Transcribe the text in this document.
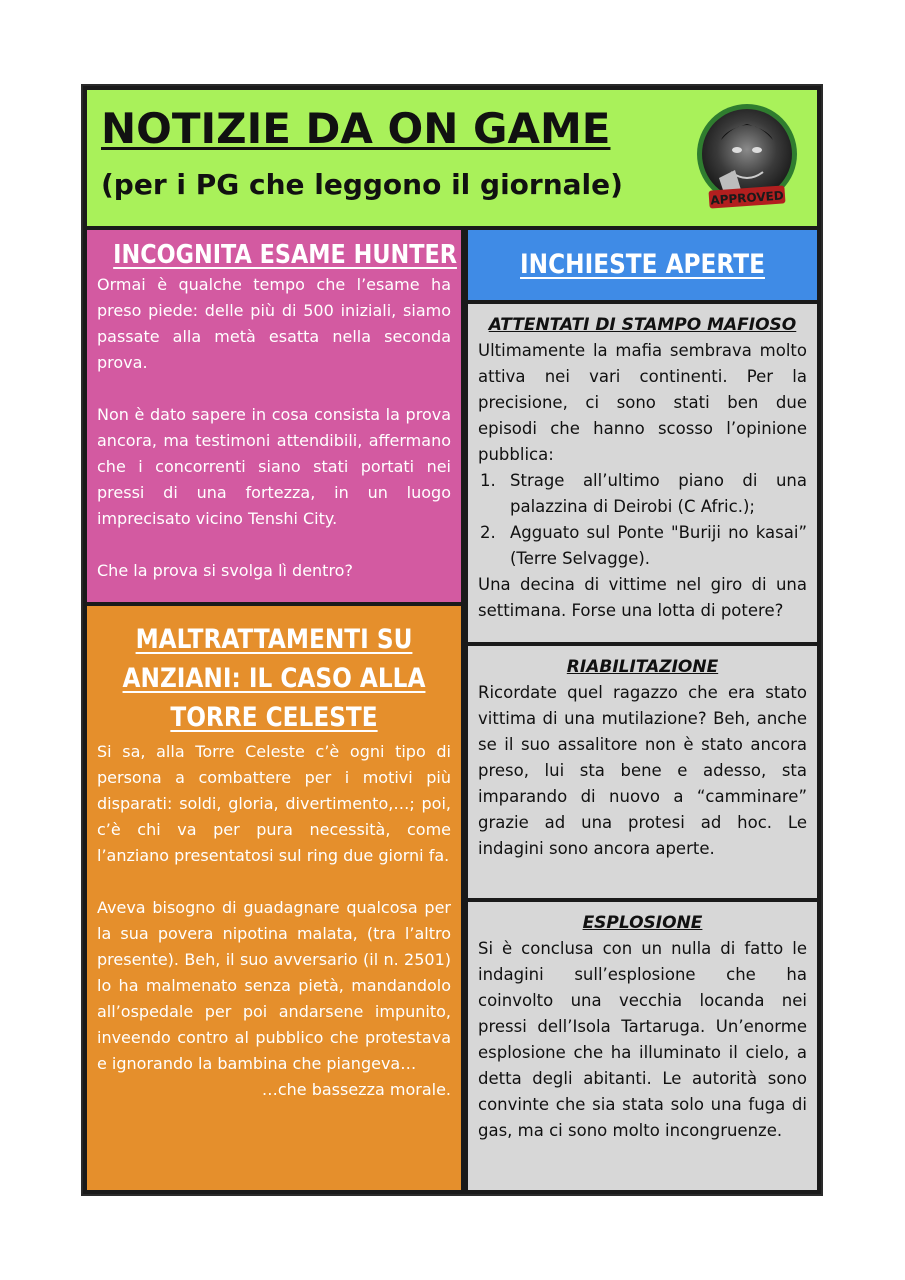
NOTIZIE DA ON GAME

(per i PG che leggono il giornale)	APPROVED
INCOGNITA ESAME HUNTER

Ormai è qualche tempo che l’esame ha preso piede: delle più di 500 iniziali, siamo passate alla metà esatta nella seconda prova.

Non è dato sapere in cosa consista la prova ancora, ma testimoni attendibili, affermano che i concorrenti siano stati portati nei pressi di una fortezza, in un luogo imprecisato vicino Tenshi City.

Che la prova si svolga lì dentro?

MALTRATTAMENTI SU
ANZIANI: IL CASO ALLA
TORRE CELESTE

Si sa, alla Torre Celeste c’è ogni tipo di persona a combattere per i motivi più disparati: soldi, gloria, divertimento,…; poi, c’è chi va per pura necessità, come l’anziano presentatosi sul ring due giorni fa.

Aveva bisogno di guadagnare qualcosa per la sua povera nipotina malata, (tra l’altro presente). Beh, il suo avversario (il n. 2501) lo ha malmenato senza pietà, mandandolo all’ospedale per poi andarsene impunito, inveendo contro al pubblico che protestava e ignorando la bambina che piangeva…

…che bassezza morale.

INCHIESTE APERTE
ATTENTATI DI STAMPO MAFIOSO

Ultimamente la mafia sembrava molto attiva nei vari continenti. Per la precisione, ci sono stati ben due episodi che hanno scosso l’opinione pubblica:

1. Strage all’ultimo piano di una palazzina di Deirobi (C Afric.);
2. Agguato sul Ponte "Buriji no kasai” (Terre Selvagge).

Una decina di vittime nel giro di una settimana. Forse una lotta di potere?

RIABILITAZIONE

Ricordate quel ragazzo che era stato vittima di una mutilazione? Beh, anche se il suo assalitore non è stato ancora preso, lui sta bene e adesso, sta imparando di nuovo a “camminare” grazie ad una protesi ad hoc. Le indagini sono ancora aperte.

ESPLOSIONE

Si è conclusa con un nulla di fatto le indagini sull’esplosione che ha coinvolto una vecchia locanda nei pressi dell’Isola Tartaruga. Un’enorme esplosione che ha illuminato il cielo, a detta degli abitanti. Le autorità sono convinte che sia stata solo una fuga di gas, ma ci sono molto incongruenze.
